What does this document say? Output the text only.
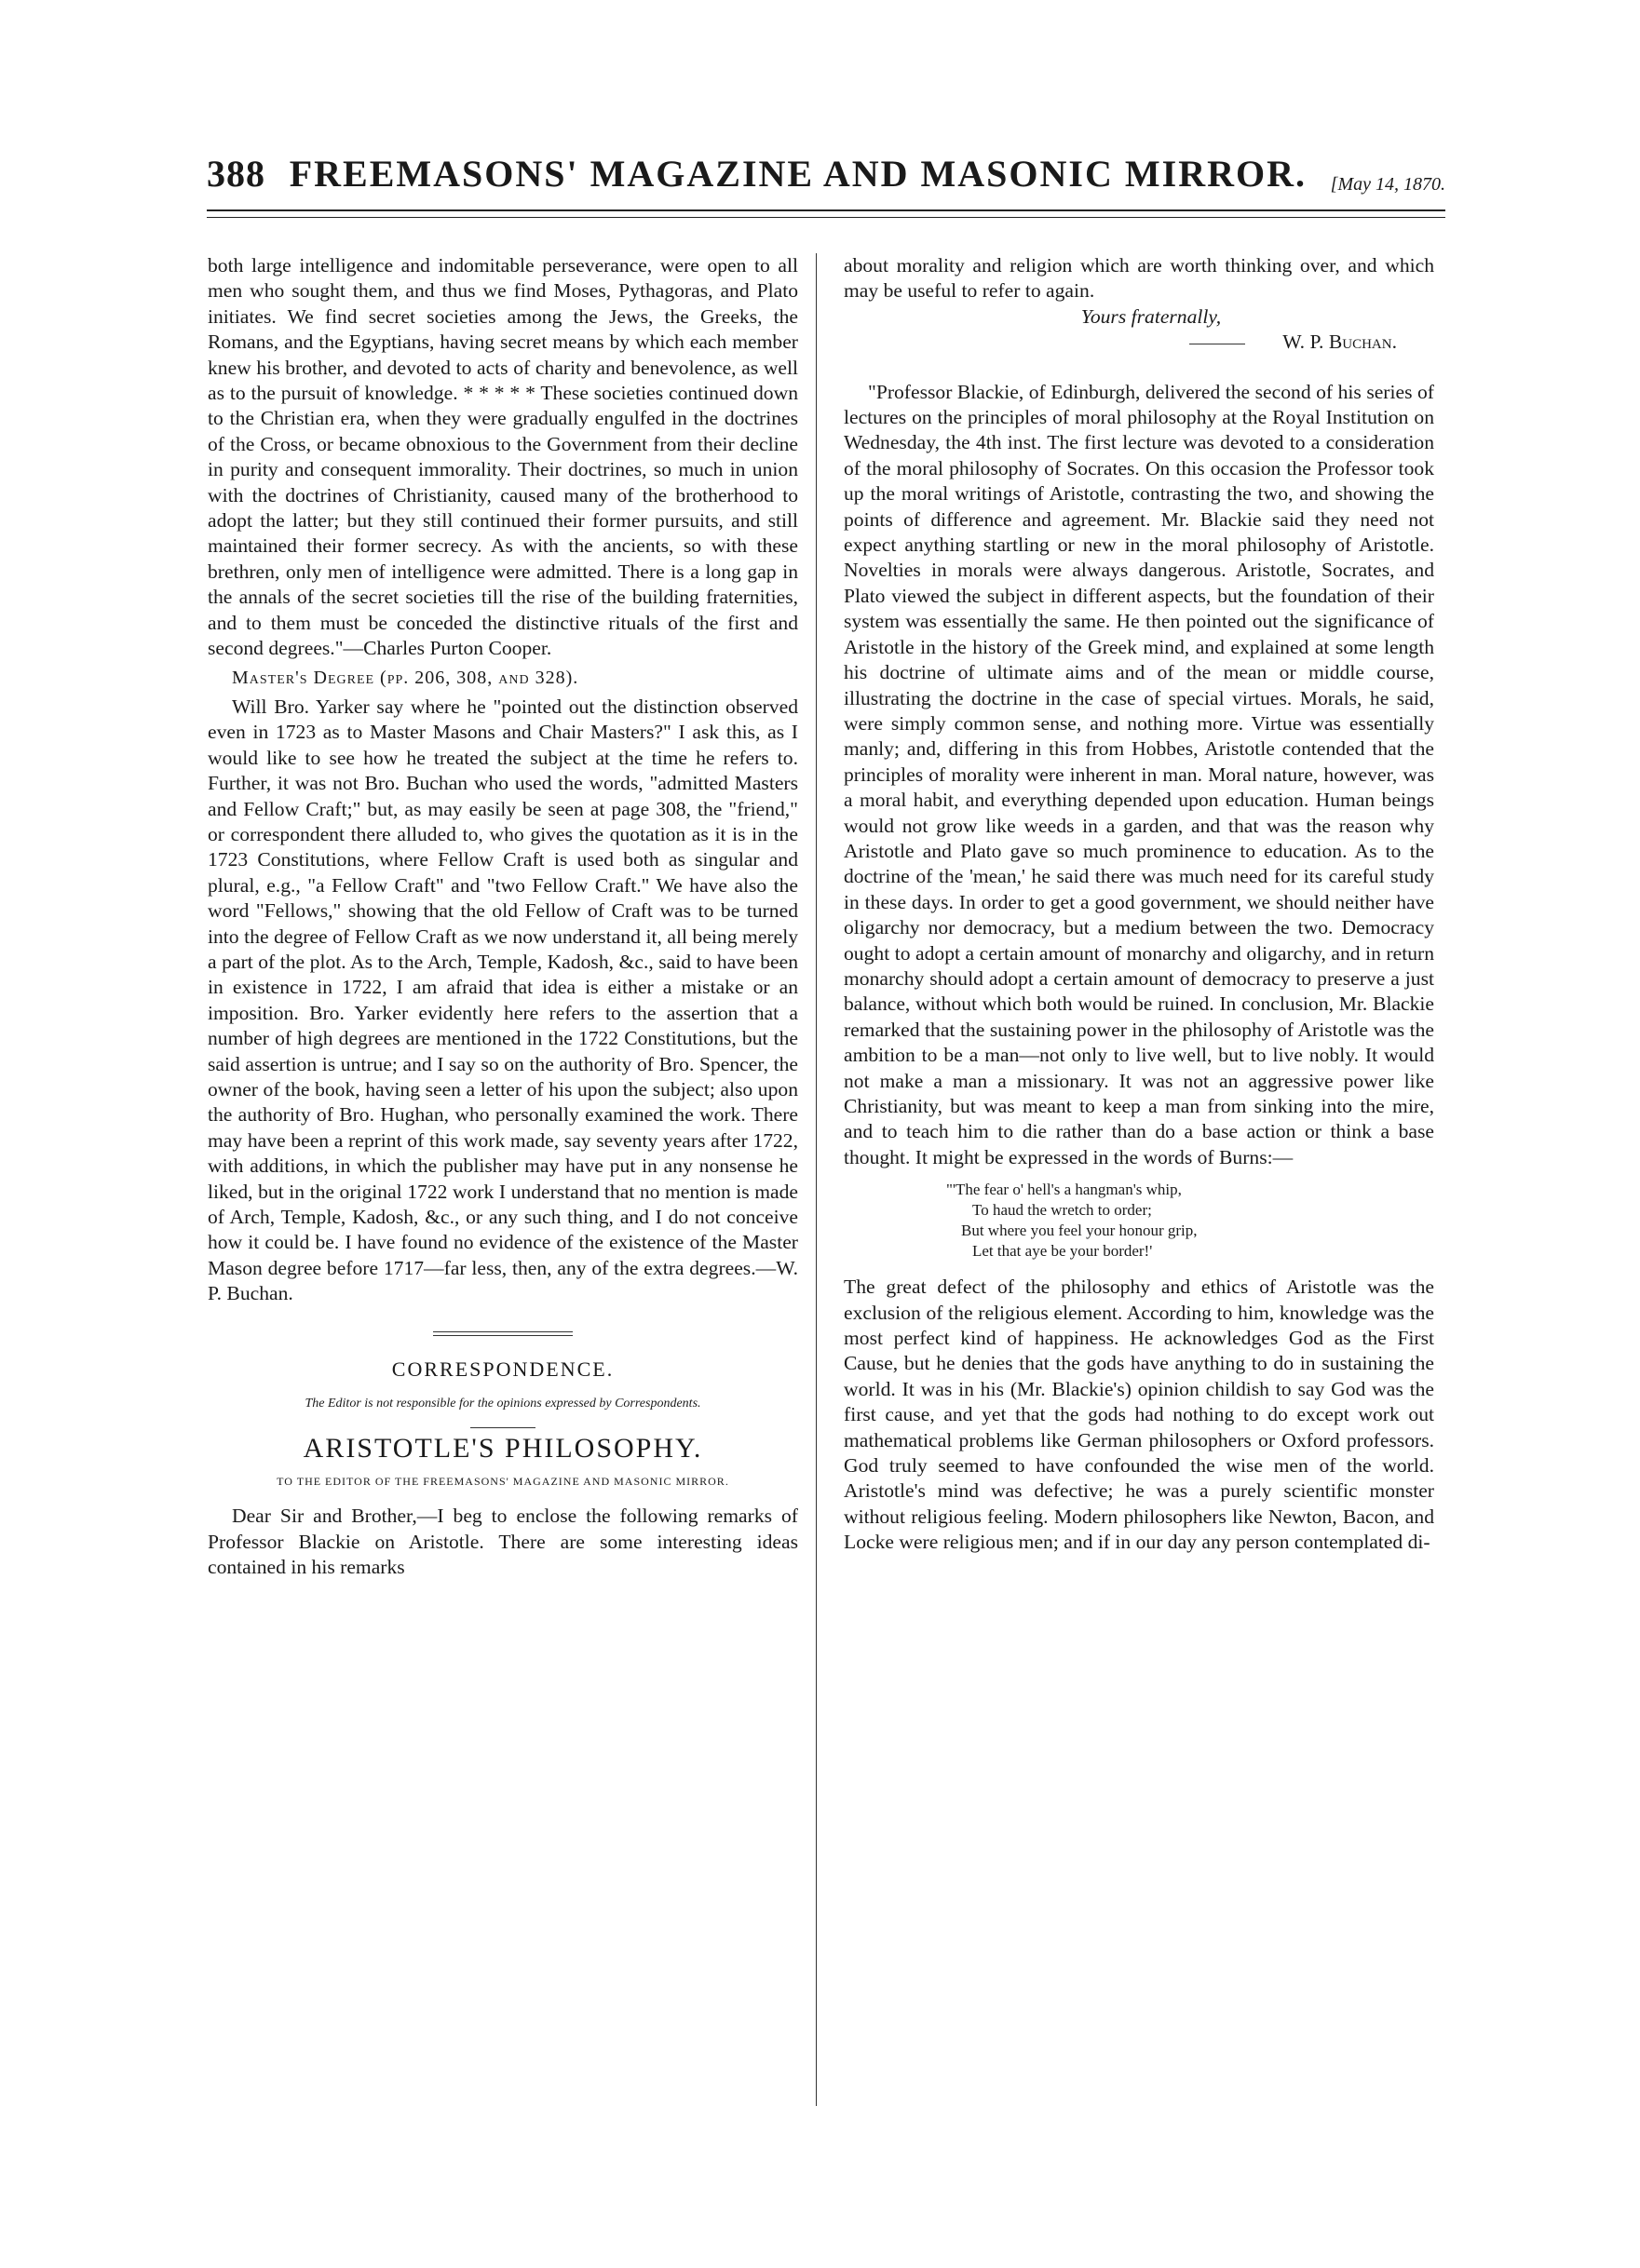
388 FREEMASONS' MAGAZINE AND MASONIC MIRROR. [May 14, 1870.

both large intelligence and indomitable perseverance, were open to all men who sought them, and thus we find Moses, Pythagoras, and Plato initiates. We find secret societies among the Jews, the Greeks, the Romans, and the Egyptians, having secret means by which each member knew his brother, and devoted to acts of charity and benevolence, as well as to the pursuit of knowledge. * * * * * These societies continued down to the Christian era, when they were gradually engulfed in the doctrines of the Cross, or became obnoxious to the Government from their decline in purity and consequent immorality. Their doctrines, so much in union with the doctrines of Christianity, caused many of the brotherhood to adopt the latter; but they still continued their former pursuits, and still maintained their former secrecy. As with the ancients, so with these brethren, only men of intelligence were admitted. There is a long gap in the annals of the secret societies till the rise of the building fraternities, and to them must be conceded the distinctive rituals of the first and second degrees."—Charles Purton Cooper.

Master's Degree (pp. 206, 308, and 328).

Will Bro. Yarker say where he "pointed out the distinction observed even in 1723 as to Master Masons and Chair Masters?" I ask this, as I would like to see how he treated the subject at the time he refers to. Further, it was not Bro. Buchan who used the words, "admitted Masters and Fellow Craft;" but, as may easily be seen at page 308, the "friend," or correspondent there alluded to, who gives the quotation as it is in the 1723 Constitutions, where Fellow Craft is used both as singular and plural, e.g., "a Fellow Craft" and "two Fellow Craft." We have also the word "Fellows," showing that the old Fellow of Craft was to be turned into the degree of Fellow Craft as we now understand it, all being merely a part of the plot. As to the Arch, Temple, Kadosh, &c., said to have been in existence in 1722, I am afraid that idea is either a mistake or an imposition. Bro. Yarker evidently here refers to the assertion that a number of high degrees are mentioned in the 1722 Constitutions, but the said assertion is untrue; and I say so on the authority of Bro. Spencer, the owner of the book, having seen a letter of his upon the subject; also upon the authority of Bro. Hughan, who personally examined the work. There may have been a reprint of this work made, say seventy years after 1722, with additions, in which the publisher may have put in any nonsense he liked, but in the original 1722 work I understand that no mention is made of Arch, Temple, Kadosh, &c., or any such thing, and I do not conceive how it could be. I have found no evidence of the existence of the Master Mason degree before 1717—far less, then, any of the extra degrees.—W. P. Buchan.

CORRESPONDENCE.
The Editor is not responsible for the opinions expressed by Correspondents.
ARISTOTLE'S PHILOSOPHY.
TO THE EDITOR OF THE FREEMASONS' MAGAZINE AND MASONIC MIRROR.

Dear Sir and Brother,—I beg to enclose the following remarks of Professor Blackie on Aristotle. There are some interesting ideas contained in his remarks

about morality and religion which are worth thinking over, and which may be useful to refer to again.

Yours fraternally,

W. P. Buchan.

"Professor Blackie, of Edinburgh, delivered the second of his series of lectures on the principles of moral philosophy at the Royal Institution on Wednesday, the 4th inst. The first lecture was devoted to a consideration of the moral philosophy of Socrates. On this occasion the Professor took up the moral writings of Aristotle, contrasting the two, and showing the points of difference and agreement. Mr. Blackie said they need not expect anything startling or new in the moral philosophy of Aristotle. Novelties in morals were always dangerous. Aristotle, Socrates, and Plato viewed the subject in different aspects, but the foundation of their system was essentially the same. He then pointed out the significance of Aristotle in the history of the Greek mind, and explained at some length his doctrine of ultimate aims and of the mean or middle course, illustrating the doctrine in the case of special virtues. Morals, he said, were simply common sense, and nothing more. Virtue was essentially manly; and, differing in this from Hobbes, Aristotle contended that the principles of morality were inherent in man. Moral nature, however, was a moral habit, and everything depended upon education. Human beings would not grow like weeds in a garden, and that was the reason why Aristotle and Plato gave so much prominence to education. As to the doctrine of the 'mean,' he said there was much need for its careful study in these days. In order to get a good government, we should neither have oligarchy nor democracy, but a medium between the two. Democracy ought to adopt a certain amount of monarchy and oligarchy, and in return monarchy should adopt a certain amount of democracy to preserve a just balance, without which both would be ruined. In conclusion, Mr. Blackie remarked that the sustaining power in the philosophy of Aristotle was the ambition to be a man—not only to live well, but to live nobly. It would not make a man a missionary. It was not an aggressive power like Christianity, but was meant to keep a man from sinking into the mire, and to teach him to die rather than do a base action or think a base thought. It might be expressed in the words of Burns:—

"'The fear o' hell's a hangman's whip,
To haud the wretch to order;
But where you feel your honour grip,
Let that aye be your border!'

The great defect of the philosophy and ethics of Aristotle was the exclusion of the religious element. According to him, knowledge was the most perfect kind of happiness. He acknowledges God as the First Cause, but he denies that the gods have anything to do in sustaining the world. It was in his (Mr. Blackie's) opinion childish to say God was the first cause, and yet that the gods had nothing to do except work out mathematical problems like German philosophers or Oxford professors. God truly seemed to have confounded the wise men of the world. Aristotle's mind was defective; he was a purely scientific monster without religious feeling. Modern philosophers like Newton, Bacon, and Locke were religious men; and if in our day any person contemplated di-
